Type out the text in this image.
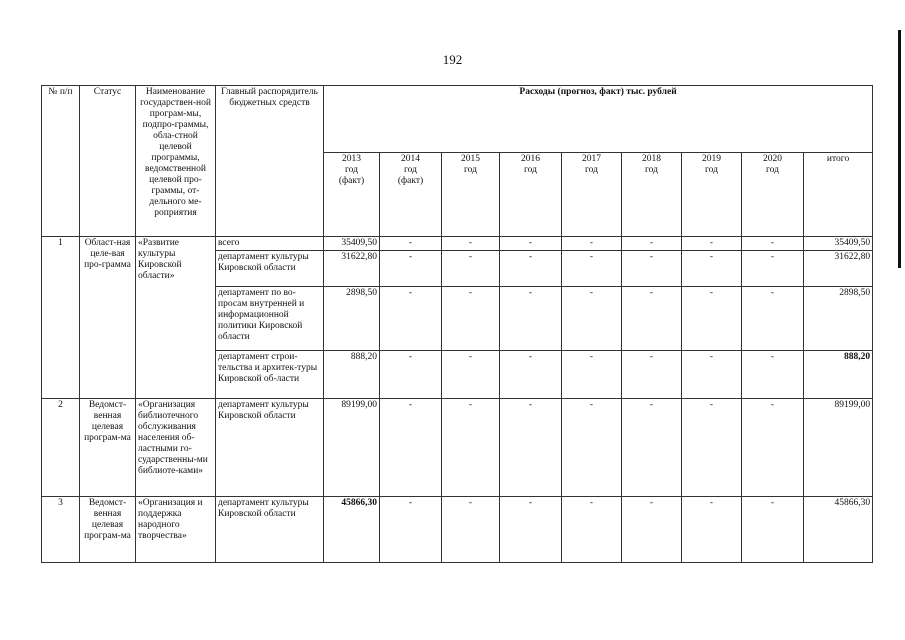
192
№ п/п	Статус	Наименование государствен-ной програм-мы, подпро-граммы, обла-стной целевой программы, ведомственной целевой про-граммы, от-дельного ме-роприятия	Главный распорядитель бюджетных средств	Расходы (прогноз, факт) тыс. рублей								
				2013
год
(факт)	2014
год
(факт)	2015
год	2016
год	2017
год	2018
год	2019
год	2020
год	итого
1	Област-ная целе-вая про-грамма	«Развитие культуры Кировской области»	всего	35409,50	-	-	-	-	-	-	-	35409,50
			департамент культуры Кировской области	31622,80	-	-	-	-	-	-	-	31622,80
			департамент по во-просам внутренней и информационной политики Кировской области	2898,50	-	-	-	-	-	-	-	2898,50
			департамент строи-тельства и архитек-туры Кировской об-ласти	888,20	-	-	-	-	-	-	-	888,20
2	Ведомст-венная целевая програм-ма	«Организация библиотечного обслуживания населения об-ластными го-сударственны-ми библиоте-ками»	департамент культуры Кировской области	89199,00	-	-	-	-	-	-	-	89199,00
3	Ведомст-венная целевая програм-ма	«Организация и поддержка народного творчества»	департамент культуры Кировской области	45866,30	-	-	-	-	-	-	-	45866,30
